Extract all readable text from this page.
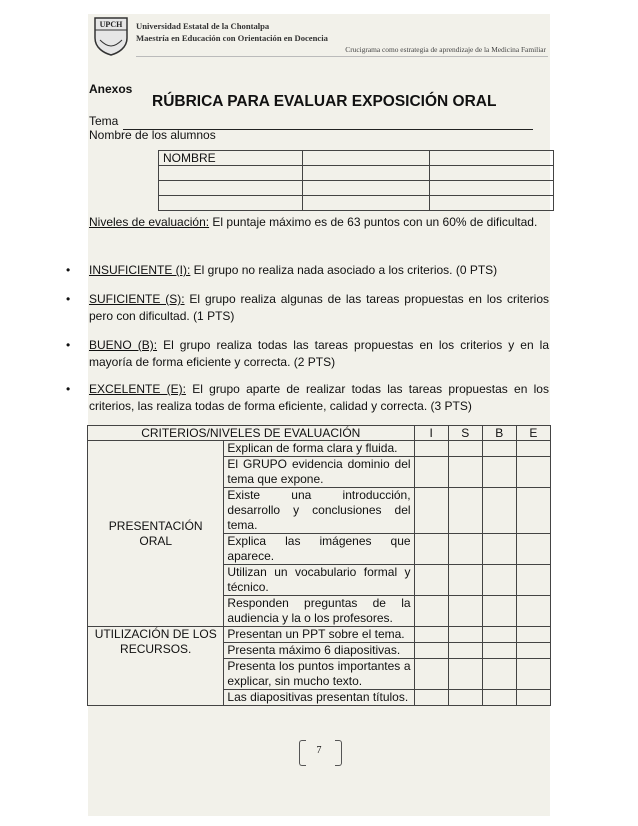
UPCH Universidad Estatal de la Chontalpa
Maestría en Educación con Orientación en Docencia
Crucigrama como estrategia de aprendizaje de la Medicina Familiar
Anexos
RÚBRICA PARA EVALUAR EXPOSICIÓN ORAL
Tema
Nombre de los alumnos
NOMBRE		

Niveles de evaluación: El puntaje máximo es de 63 puntos con un 60% de dificultad.
• INSUFICIENTE (I): El grupo no realiza nada asociado a los criterios. (0 PTS)
• SUFICIENTE (S): El grupo realiza algunas de las tareas propuestas en los criterios pero con dificultad. (1 PTS)
• BUENO (B): El grupo realiza todas las tareas propuestas en los criterios y en la mayoría de forma eficiente y correcta. (2 PTS)
• EXCELENTE (E): El grupo aparte de realizar todas las tareas propuestas en los criterios, las realiza todas de forma eficiente, calidad y correcta. (3 PTS)
CRITERIOS/NIVELES DE EVALUACIÓN		I	S	B	E
PRESENTACIÓN ORAL	Explican de forma clara y fluida.				
	El GRUPO evidencia dominio del tema que expone.				
	Existe una introducción, desarrollo y conclusiones del tema.				
	Explica las imágenes que aparece.				
	Utilizan un vocabulario formal y técnico.				
	Responden preguntas de la audiencia y la o los profesores.				
UTILIZACIÓN DE LOS RECURSOS.	Presentan un PPT sobre el tema.				
	Presenta máximo 6 diapositivas.				
	Presenta los puntos importantes a explicar, sin mucho texto.				
	Las diapositivas presentan títulos.				
7
